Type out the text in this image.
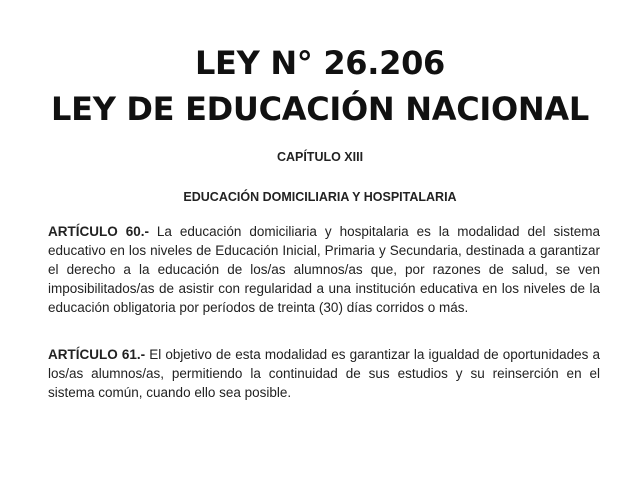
LEY N° 26.206
LEY DE EDUCACIÓN NACIONAL
CAPÍTULO XIII
EDUCACIÓN DOMICILIARIA Y HOSPITALARIA
ARTÍCULO 60.- La educación domiciliaria y hospitalaria es la modalidad del sistema educativo en los niveles de Educación Inicial, Primaria y Secundaria, destinada a garantizar el derecho a la educación de los/as alumnos/as que, por razones de salud, se ven imposibilitados/as de asistir con regularidad a una institución educativa en los niveles de la educación obligatoria por períodos de treinta (30) días corridos o más.
ARTÍCULO 61.- El objetivo de esta modalidad es garantizar la igualdad de oportunidades a los/as alumnos/as, permitiendo la continuidad de sus estudios y su reinserción en el sistema común, cuando ello sea posible.
